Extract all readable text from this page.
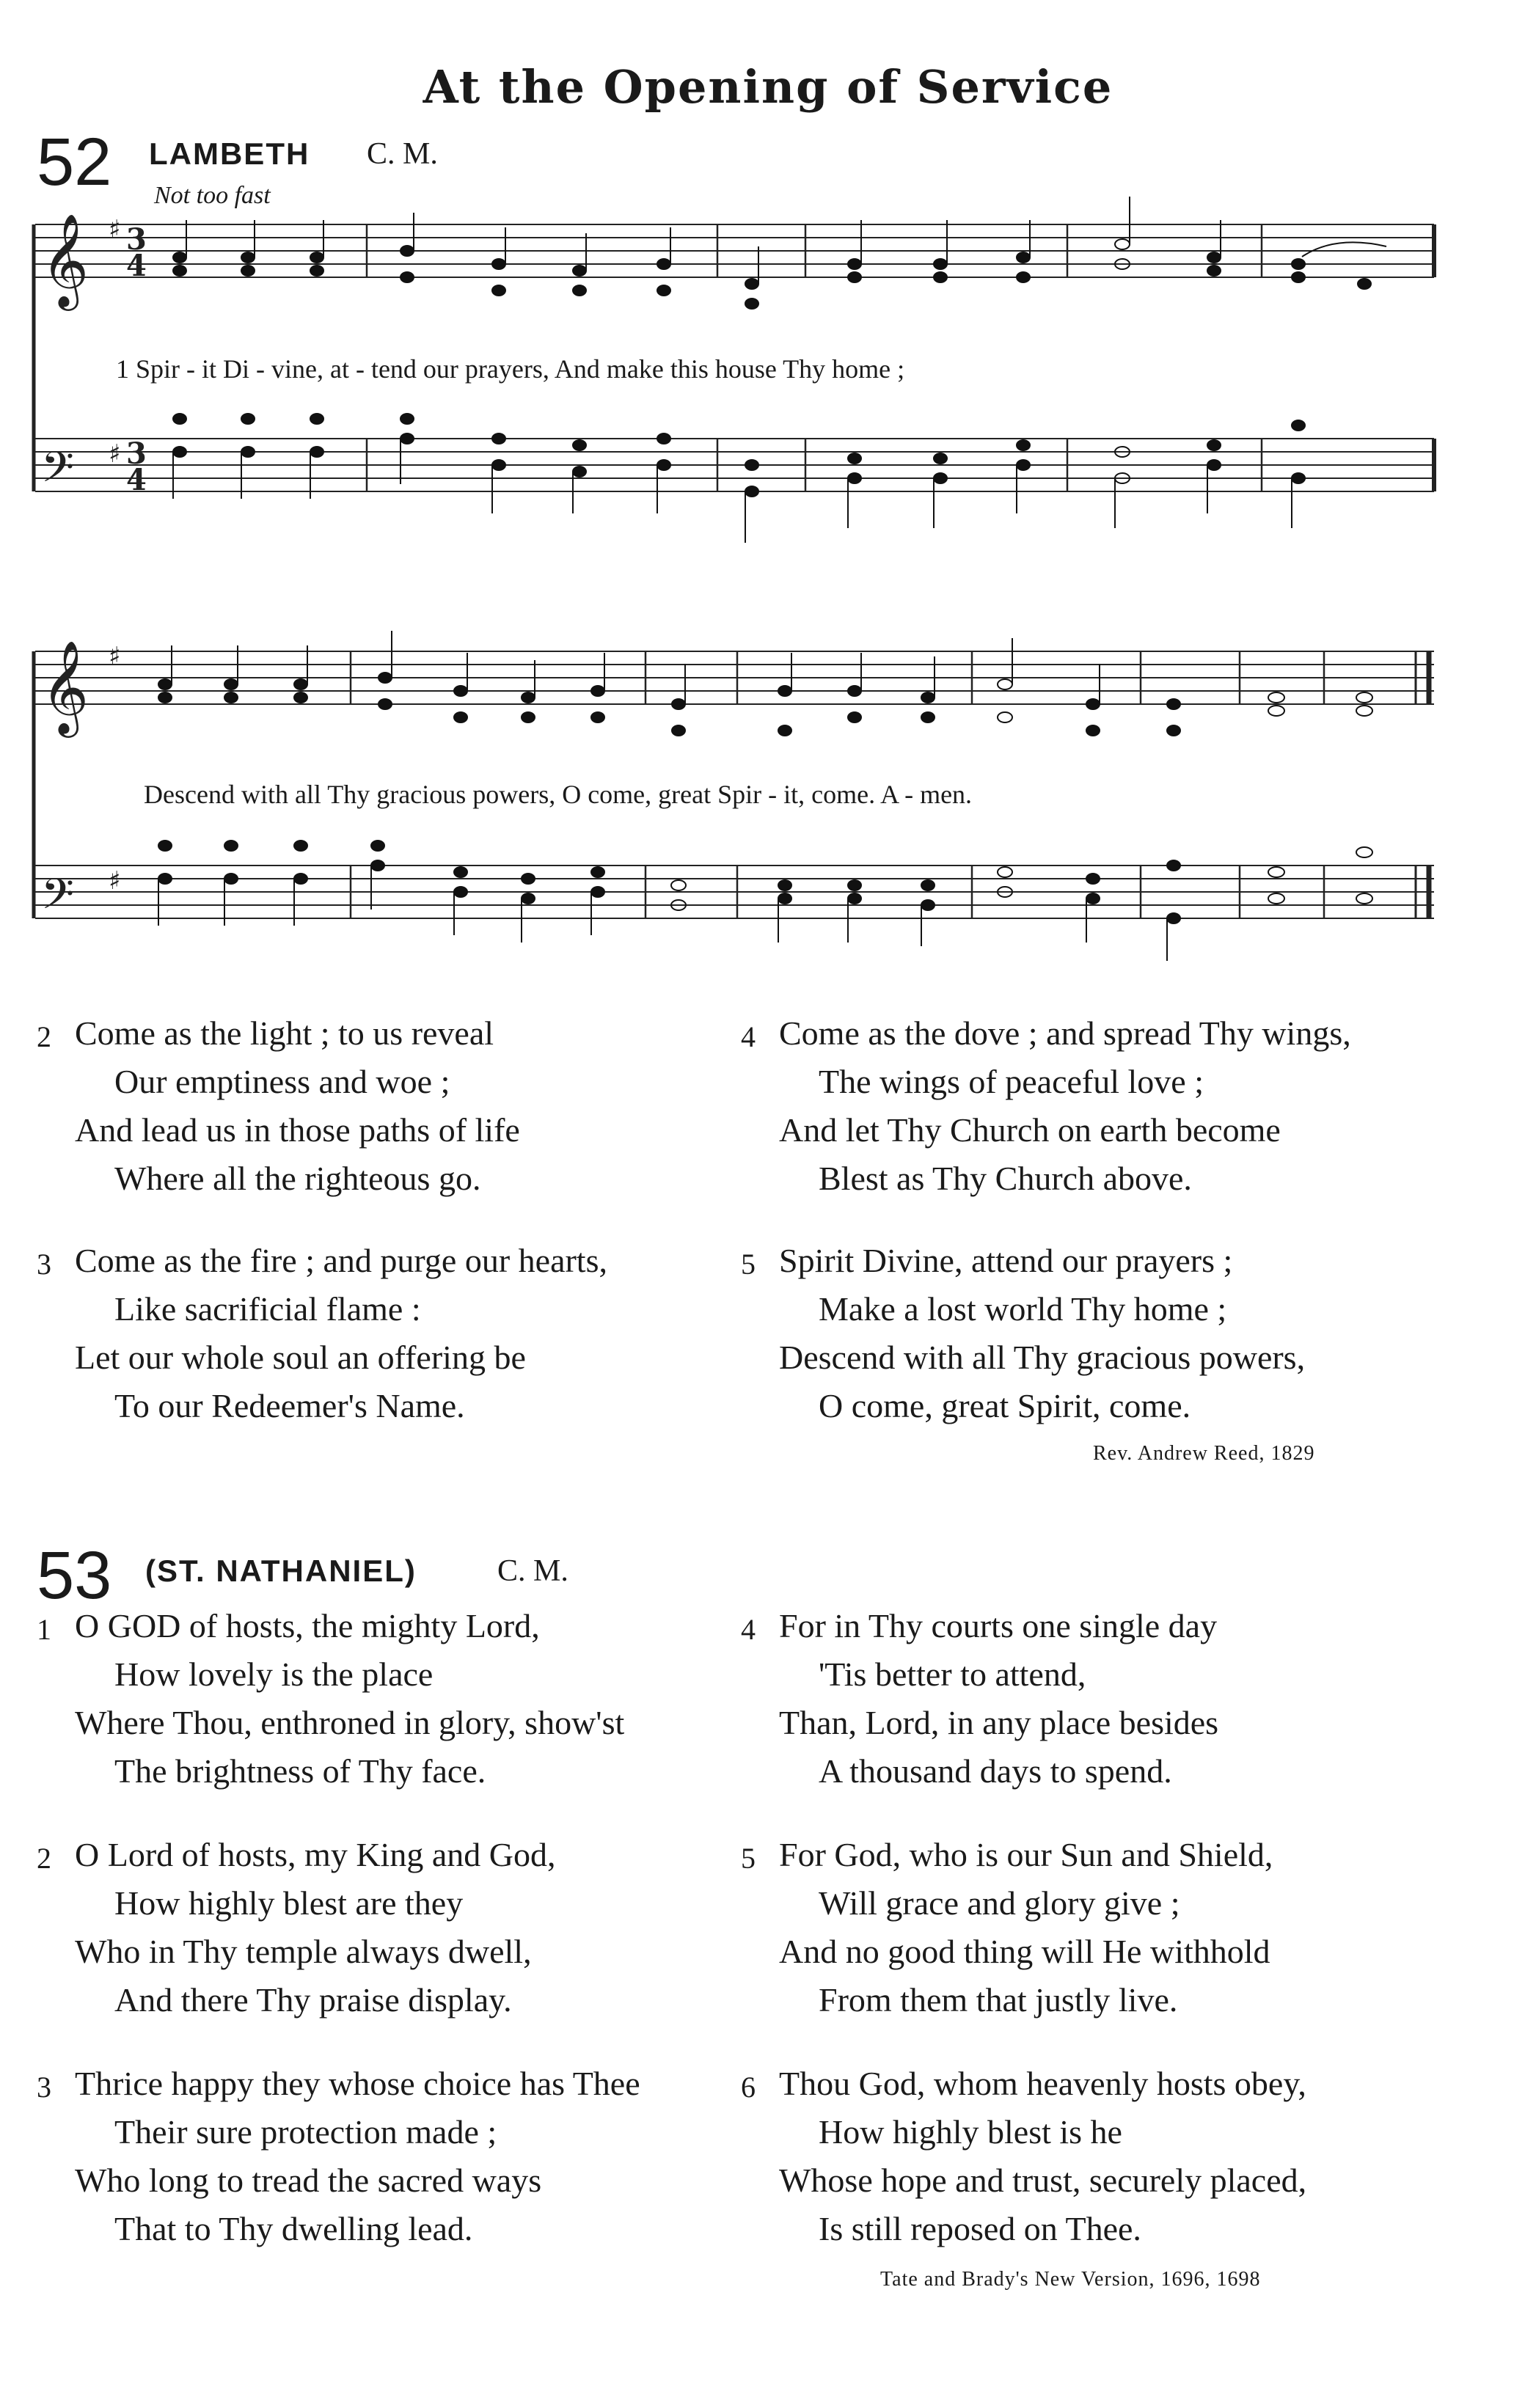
At the Opening of Service
52 LAMBETH C. M.
Not too fast
𝄞
𝄢
𝄞
𝄢
3
4
3
4
♯
♯
♯
♯
1 Spir - it Di - vine, at - tend our prayers, And make this house Thy home ;
Descend with all Thy gracious powers, O come, great Spir - it, come. A - men.
2 Come as the light ; to us reveal
Our emptiness and woe ;
And lead us in those paths of life
Where all the righteous go.
3 Come as the fire ; and purge our hearts,
Like sacrificial flame :
Let our whole soul an offering be
To our Redeemer's Name.
4 Come as the dove ; and spread Thy wings,
The wings of peaceful love ;
And let Thy Church on earth become
Blest as Thy Church above.
5 Spirit Divine, attend our prayers ;
Make a lost world Thy home ;
Descend with all Thy gracious powers,
O come, great Spirit, come.
Rev. Andrew Reed, 1829
53 (ST. NATHANIEL)	C. M.
1 O GOD of hosts, the mighty Lord,
How lovely is the place
Where Thou, enthroned in glory, show'st
The brightness of Thy face.
2 O Lord of hosts, my King and God,
How highly blest are they
Who in Thy temple always dwell,
And there Thy praise display.
3 Thrice happy they whose choice has Thee
Their sure protection made ;
Who long to tread the sacred ways
That to Thy dwelling lead.
4 For in Thy courts one single day
'Tis better to attend,
Than, Lord, in any place besides
A thousand days to spend.
5 For God, who is our Sun and Shield,
Will grace and glory give ;
And no good thing will He withhold
From them that justly live.
6 Thou God, whom heavenly hosts obey,
How highly blest is he
Whose hope and trust, securely placed,
Is still reposed on Thee.
Tate and Brady's New Version, 1696, 1698
